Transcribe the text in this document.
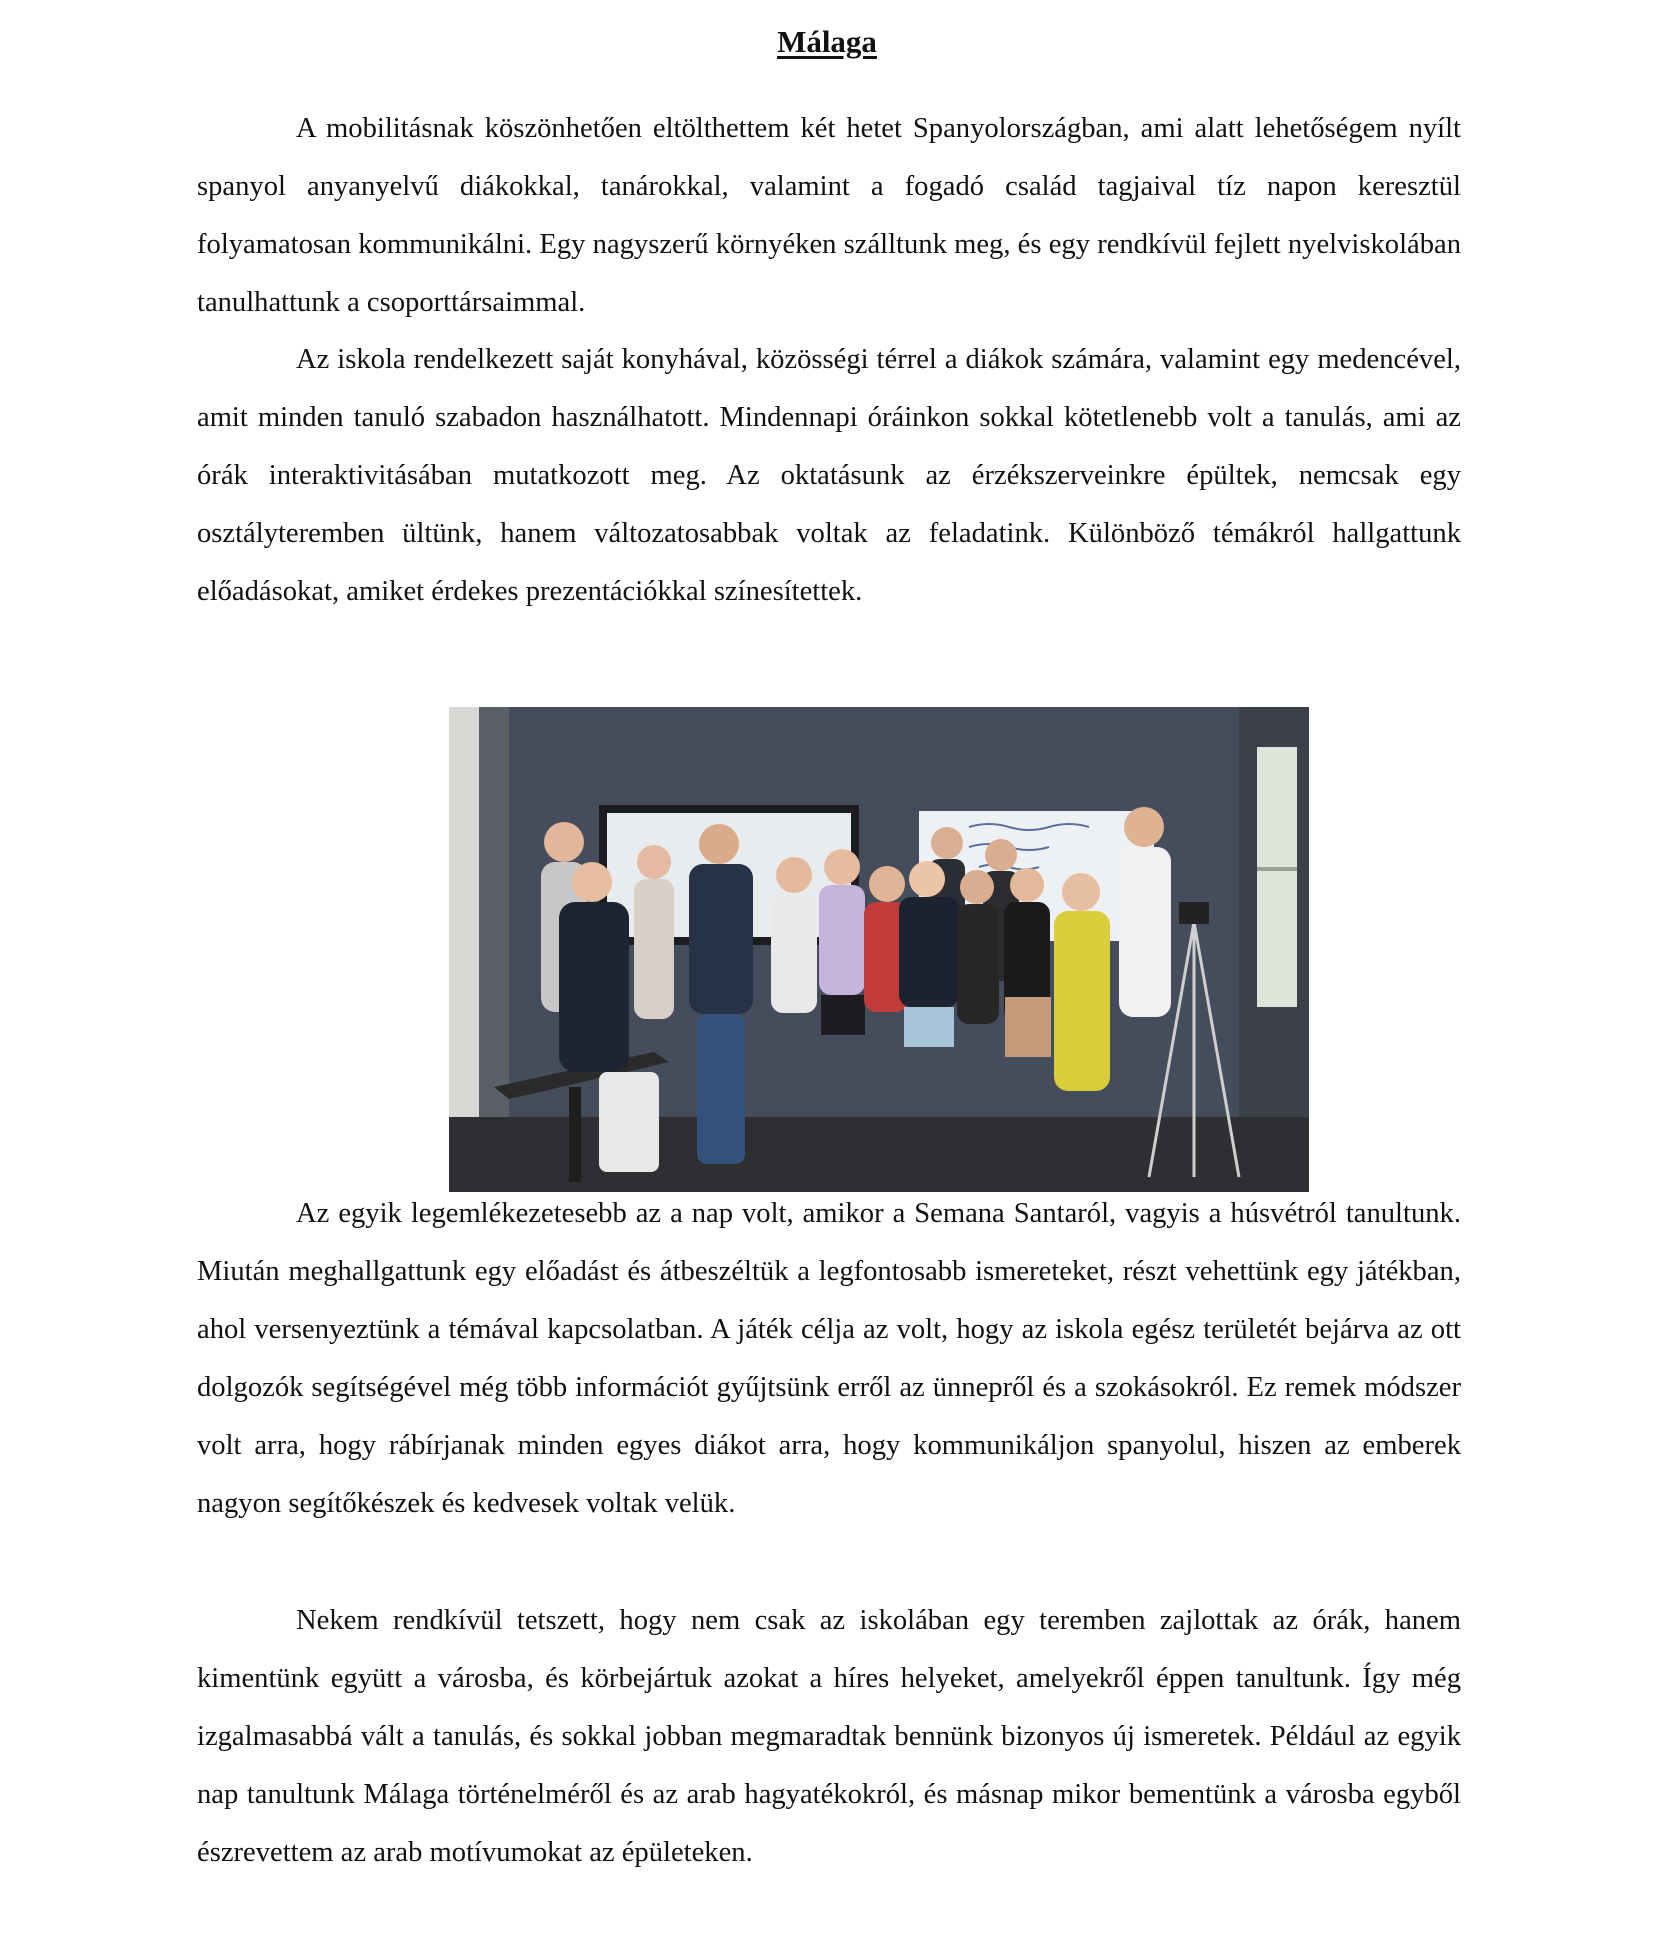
Málaga

A mobilitásnak köszönhetően eltölthettem két hetet Spanyolországban, ami alatt lehetőségem nyílt spanyol anyanyelvű diákokkal, tanárokkal, valamint a fogadó család tagjaival tíz napon keresztül folyamatosan kommunikálni. Egy nagyszerű környéken szálltunk meg, és egy rendkívül fejlett nyelviskolában tanulhattunk a csoporttársaimmal.

Az iskola rendelkezett saját konyhával, közösségi térrel a diákok számára, valamint egy medencével, amit minden tanuló szabadon használhatott. Mindennapi óráinkon sokkal kötetlenebb volt a tanulás, ami az órák interaktivitásában mutatkozott meg. Az oktatásunk az érzékszerveinkre épültek, nemcsak egy osztályteremben ültünk, hanem változatosabbak voltak az feladatink. Különböző témákról hallgattunk előadásokat, amiket érdekes prezentációkkal színesítettek.

Az egyik legemlékezetesebb az a nap volt, amikor a Semana Santaról, vagyis a húsvétról tanultunk. Miután meghallgattunk egy előadást és átbeszéltük a legfontosabb ismereteket, részt vehettünk egy játékban, ahol versenyeztünk a témával kapcsolatban. A játék célja az volt, hogy az iskola egész területét bejárva az ott dolgozók segítségével még több információt gyűjtsünk erről az ünnepről és a szokásokról. Ez remek módszer volt arra, hogy rábírjanak minden egyes diákot arra, hogy kommunikáljon spanyolul, hiszen az emberek nagyon segítőkészek és kedvesek voltak velük.

Nekem rendkívül tetszett, hogy nem csak az iskolában egy teremben zajlottak az órák, hanem kimentünk együtt a városba, és körbejártuk azokat a híres helyeket, amelyekről éppen tanultunk. Így még izgalmasabbá vált a tanulás, és sokkal jobban megmaradtak bennünk bizonyos új ismeretek. Például az egyik nap tanultunk Málaga történelméről és az arab hagyatékokról, és másnap mikor bementünk a városba egyből észrevettem az arab motívumokat az épületeken.
